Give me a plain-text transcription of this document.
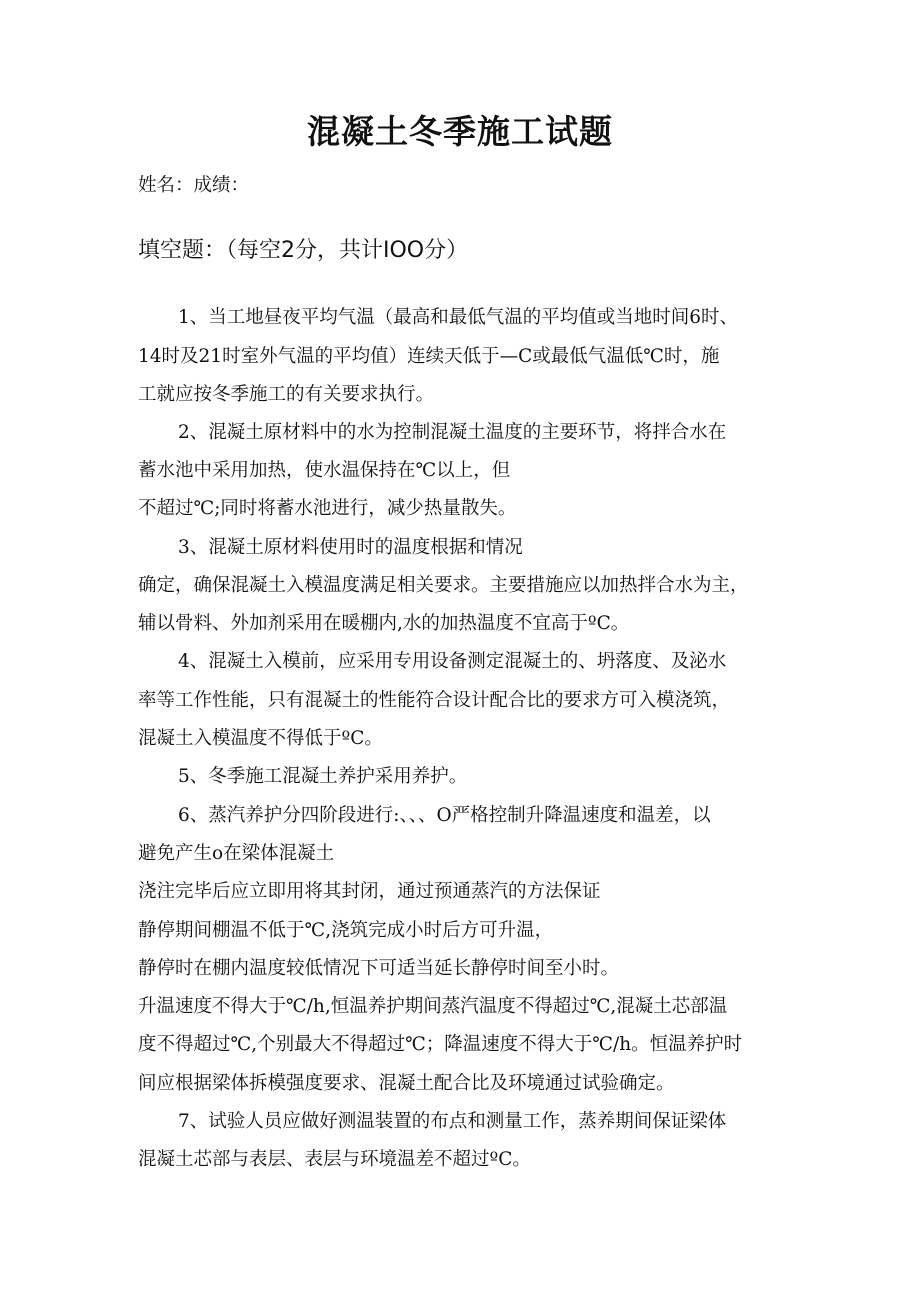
混凝土冬季施工试题
姓名：成绩：
填空题：（每空2分，共计IOO分）
1、当工地昼夜平均气温（最高和最低气温的平均值或当地时间6时、
14时及21时室外气温的平均值）连续天低于—C或最低气温低℃时，施
工就应按冬季施工的有关要求执行。
2、混凝土原材料中的水为控制混凝土温度的主要环节，将拌合水在
蓄水池中采用加热，使水温保持在℃以上，但
不超过℃;同时将蓄水池进行，减少热量散失。
3、混凝土原材料使用时的温度根据和情况
确定，确保混凝土入模温度满足相关要求。主要措施应以加热拌合水为主，
辅以骨料、外加剂采用在暖棚内,水的加热温度不宜高于ºC。
4、混凝土入模前，应采用专用设备测定混凝土的、坍落度、及泌水
率等工作性能，只有混凝土的性能符合设计配合比的要求方可入模浇筑，
混凝土入模温度不得低于ºC。
5、冬季施工混凝土养护采用养护。
6、蒸汽养护分四阶段进行:、、、O严格控制升降温速度和温差，以
避免产生o在梁体混凝土
浇注完毕后应立即用将其封闭，通过预通蒸汽的方法保证
静停期间棚温不低于℃,浇筑完成小时后方可升温，
静停时在棚内温度较低情况下可适当延长静停时间至小时。
升温速度不得大于℃/h,恒温养护期间蒸汽温度不得超过℃,混凝土芯部温
度不得超过℃,个别最大不得超过℃；降温速度不得大于℃/h。恒温养护时
间应根据梁体拆模强度要求、混凝土配合比及环境通过试验确定。
7、试验人员应做好测温装置的布点和测量工作，蒸养期间保证梁体
混凝土芯部与表层、表层与环境温差不超过ºC。
